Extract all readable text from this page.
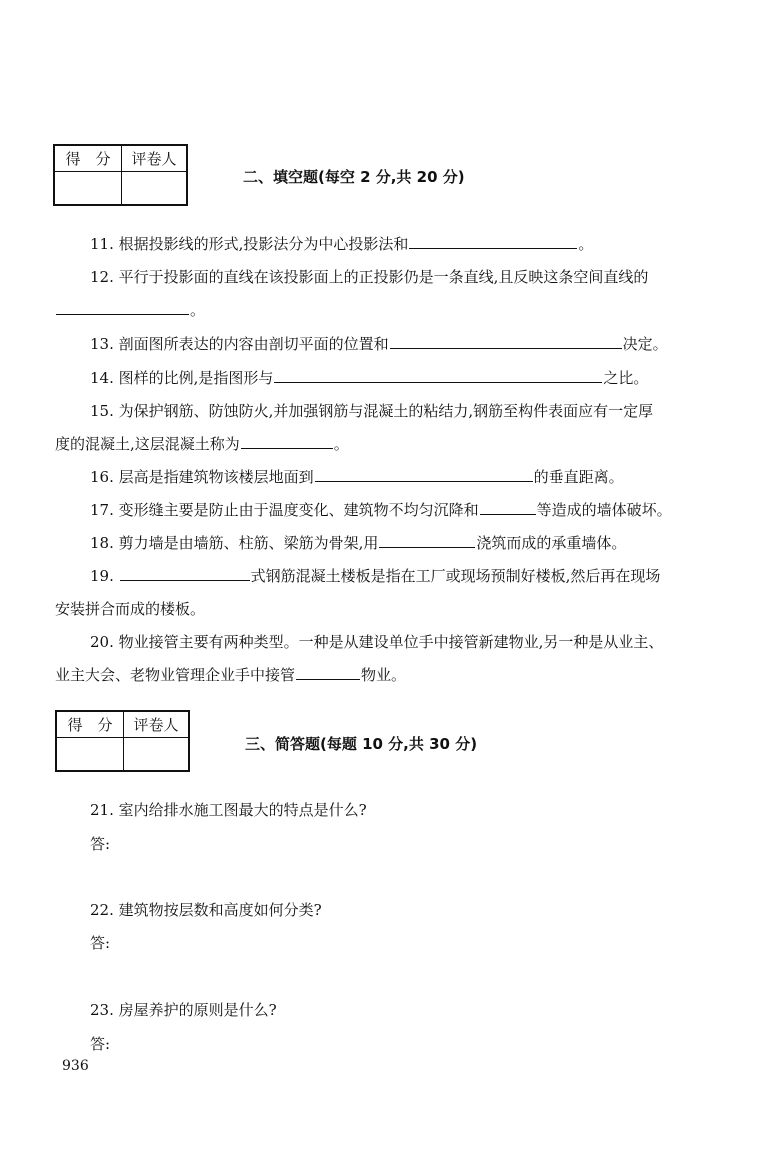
得　分	评卷人

二、填空题(每空 2 分,共 20 分)
11. 根据投影线的形式,投影法分为中心投影法和	。
12. 平行于投影面的直线在该投影面上的正投影仍是一条直线,且反映这条空间直线的
。
13. 剖面图所表达的内容由剖切平面的位置和	决定。
14. 图样的比例,是指图形与	之比。
15. 为保护钢筋、防蚀防火,并加强钢筋与混凝土的粘结力,钢筋至构件表面应有一定厚
度的混凝土,这层混凝土称为	。
16. 层高是指建筑物该楼层地面到	的垂直距离。
17. 变形缝主要是防止由于温度变化、建筑物不均匀沉降和	等造成的墙体破坏。
18. 剪力墙是由墙筋、柱筋、梁筋为骨架,用	浇筑而成的承重墙体。
19.	式钢筋混凝土楼板是指在工厂或现场预制好楼板,然后再在现场
安装拼合而成的楼板。
20. 物业接管主要有两种类型。一种是从建设单位手中接管新建物业,另一种是从业主、
业主大会、老物业管理企业手中接管	物业。
得　分	评卷人

三、简答题(每题 10 分,共 30 分)
21. 室内给排水施工图最大的特点是什么?
答:
22. 建筑物按层数和高度如何分类?
答:
23. 房屋养护的原则是什么?
答:
936
